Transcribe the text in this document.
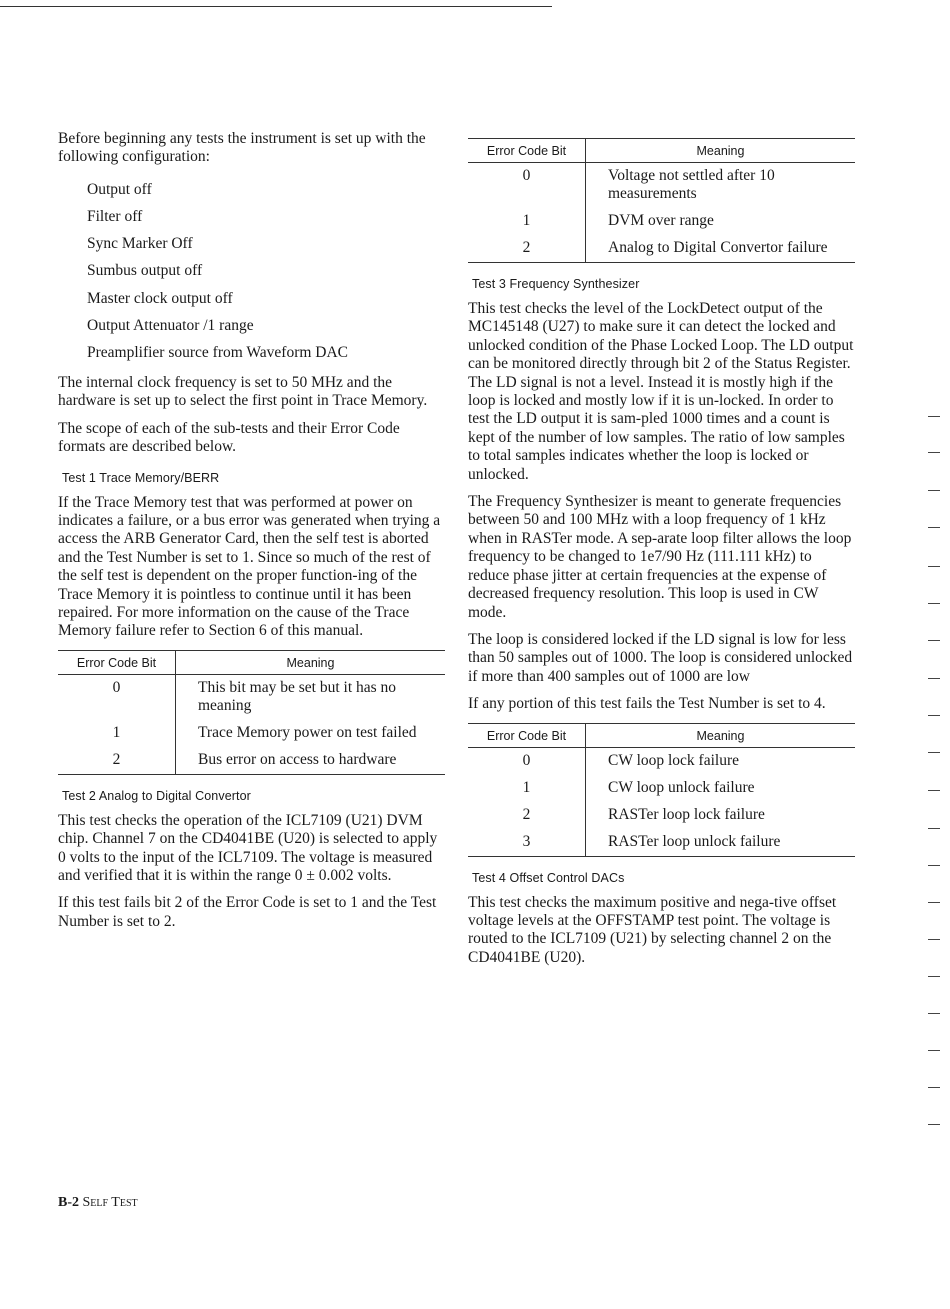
Before beginning any tests the instrument is set up with the following configuration:

Output off
Filter off
Sync Marker Off
Sumbus output off
Master clock output off
Output Attenuator /1 range
Preamplifier source from Waveform DAC

The internal clock frequency is set to 50 MHz and the hardware is set up to select the first point in Trace Memory.

The scope of each of the sub-tests and their Error Code formats are described below.

Test 1 Trace Memory/BERR

If the Trace Memory test that was performed at power on indicates a failure, or a bus error was generated when trying a access the ARB Generator Card, then the self test is aborted and the Test Number is set to 1. Since so much of the rest of the self test is dependent on the proper function-ing of the Trace Memory it is pointless to continue until it has been repaired. For more information on the cause of the Trace Memory failure refer to Section 6 of this manual.

Error Code Bit	Meaning
0	This bit may be set but it has no meaning
1	Trace Memory power on test failed
2	Bus error on access to hardware
Test 2 Analog to Digital Convertor

This test checks the operation of the ICL7109 (U21) DVM chip. Channel 7 on the CD4041BE (U20) is selected to apply 0 volts to the input of the ICL7109. The voltage is measured and verified that it is within the range 0 ± 0.002 volts.

If this test fails bit 2 of the Error Code is set to 1 and the Test Number is set to 2.

Error Code Bit	Meaning
0	Voltage not settled after 10 measurements
1	DVM over range
2	Analog to Digital Convertor failure
Test 3 Frequency Synthesizer

This test checks the level of the LockDetect output of the MC145148 (U27) to make sure it can detect the locked and unlocked condition of the Phase Locked Loop. The LD output can be monitored directly through bit 2 of the Status Register. The LD signal is not a level. Instead it is mostly high if the loop is locked and mostly low if it is un-locked. In order to test the LD output it is sam-pled 1000 times and a count is kept of the number of low samples. The ratio of low samples to total samples indicates whether the loop is locked or unlocked.

The Frequency Synthesizer is meant to generate frequencies between 50 and 100 MHz with a loop frequency of 1 kHz when in RASTer mode. A sep-arate loop filter allows the loop frequency to be changed to 1e7/90 Hz (111.111 kHz) to reduce phase jitter at certain frequencies at the expense of decreased frequency resolution. This loop is used in CW mode.

The loop is considered locked if the LD signal is low for less than 50 samples out of 1000. The loop is considered unlocked if more than 400 samples out of 1000 are low

If any portion of this test fails the Test Number is set to 4.

Error Code Bit	Meaning
0	CW loop lock failure
1	CW loop unlock failure
2	RASTer loop lock failure
3	RASTer loop unlock failure
Test 4 Offset Control DACs

This test checks the maximum positive and nega-tive offset voltage levels at the OFFSTAMP test point. The voltage is routed to the ICL7109 (U21) by selecting channel 2 on the CD4041BE (U20).

B-2 Self Test
